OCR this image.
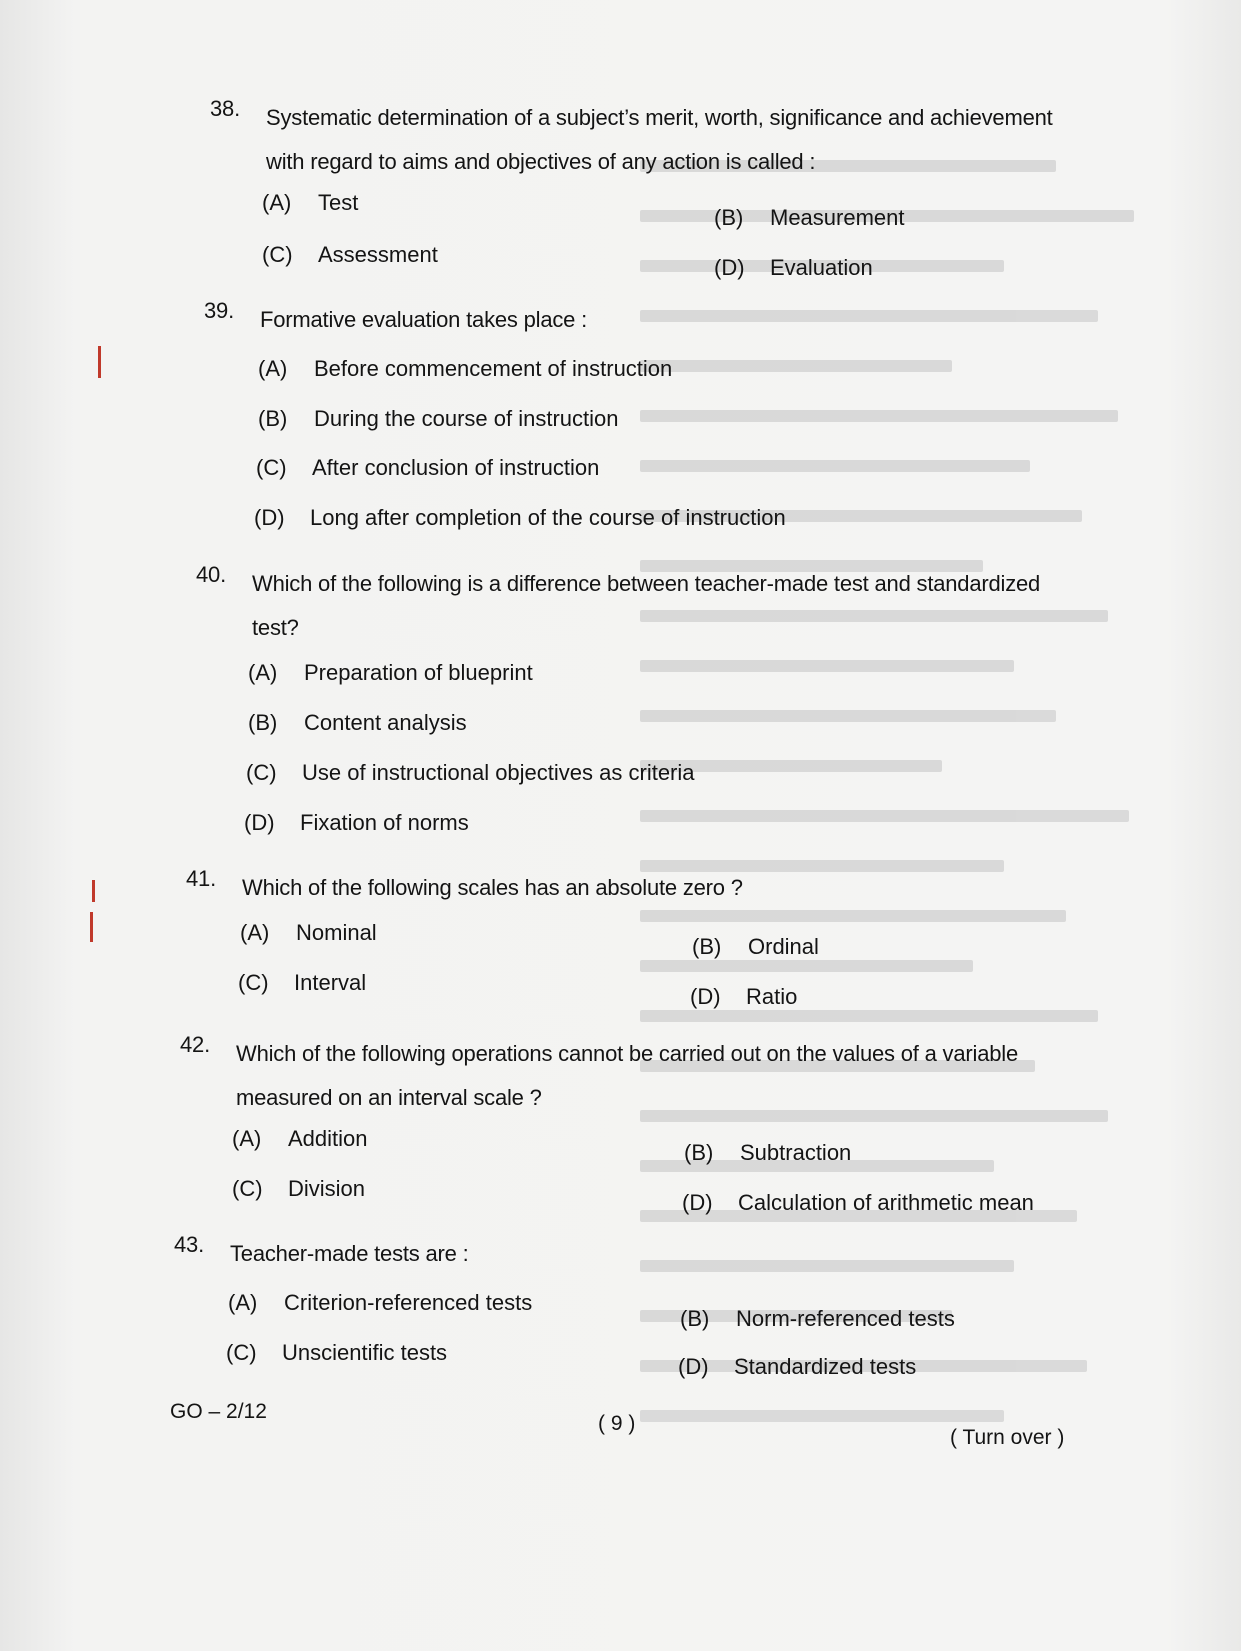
38. Systematic determination of a subject’s merit, worth, significance and achievement
with regard to aims and objectives of any action is called :
(A) Test
(B) Measurement
(C) Assessment
(D) Evaluation
39. Formative evaluation takes place :
(A) Before commencement of instruction
(B) During the course of instruction
(C) After conclusion of instruction
(D) Long after completion of the course of instruction
40. Which of the following is a difference between teacher-made test and standardized
test?
(A) Preparation of blueprint
(B) Content analysis
(C) Use of instructional objectives as criteria
(D) Fixation of norms
41. Which of the following scales has an absolute zero ?
(A) Nominal
(B) Ordinal
(C) Interval
(D) Ratio
42. Which of the following operations cannot be carried out on the values of a variable
measured on an interval scale ?
(A) Addition
(B) Subtraction
(C) Division
(D) Calculation of arithmetic mean
43. Teacher-made tests are :
(A) Criterion-referenced tests
(B) Norm-referenced tests
(C) Unscientific tests
(D) Standardized tests
GO – 2/12
( 9 )
( Turn over )
